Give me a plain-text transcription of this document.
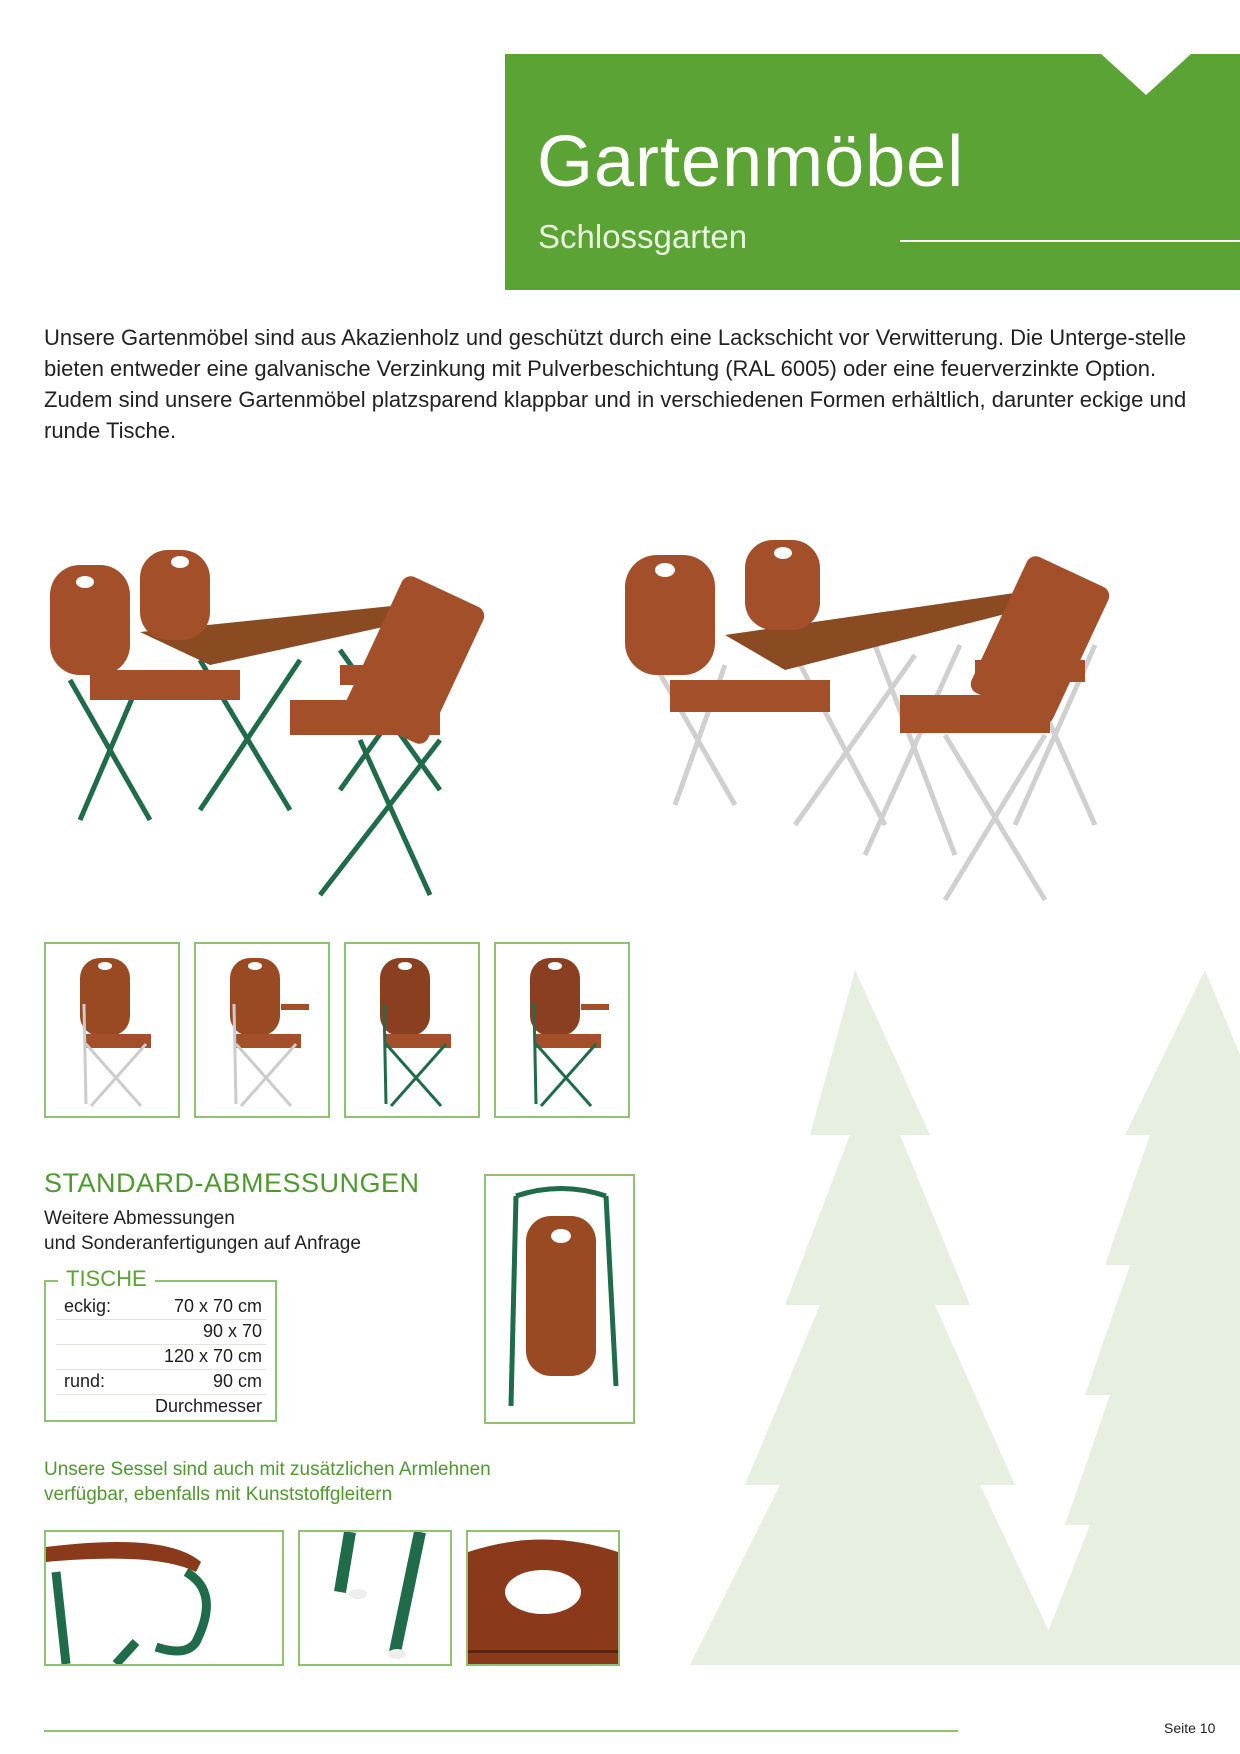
Gartenmöbel
Schlossgarten
Unsere Gartenmöbel sind aus Akazienholz und geschützt durch eine Lackschicht vor Verwitterung. Die Unterge-stelle bieten entweder eine galvanische Verzinkung mit Pulverbeschichtung (RAL 6005) oder eine feuerverzinkte Option. Zudem sind unsere Gartenmöbel platzsparend klappbar und in verschiedenen Formen erhältlich, darunter eckige und runde Tische.
STANDARD-ABMESSUNGEN
Weitere Abmessungen
und Sonderanfertigungen auf Anfrage
eckig:	70 x 70 cm
90 x 70
120 x 70 cm
rund:	90 cm
Durchmesser
TISCHE
Unsere Sessel sind auch mit zusätzlichen Armlehnen
verfügbar, ebenfalls mit Kunststoffgleitern
Seite 10
